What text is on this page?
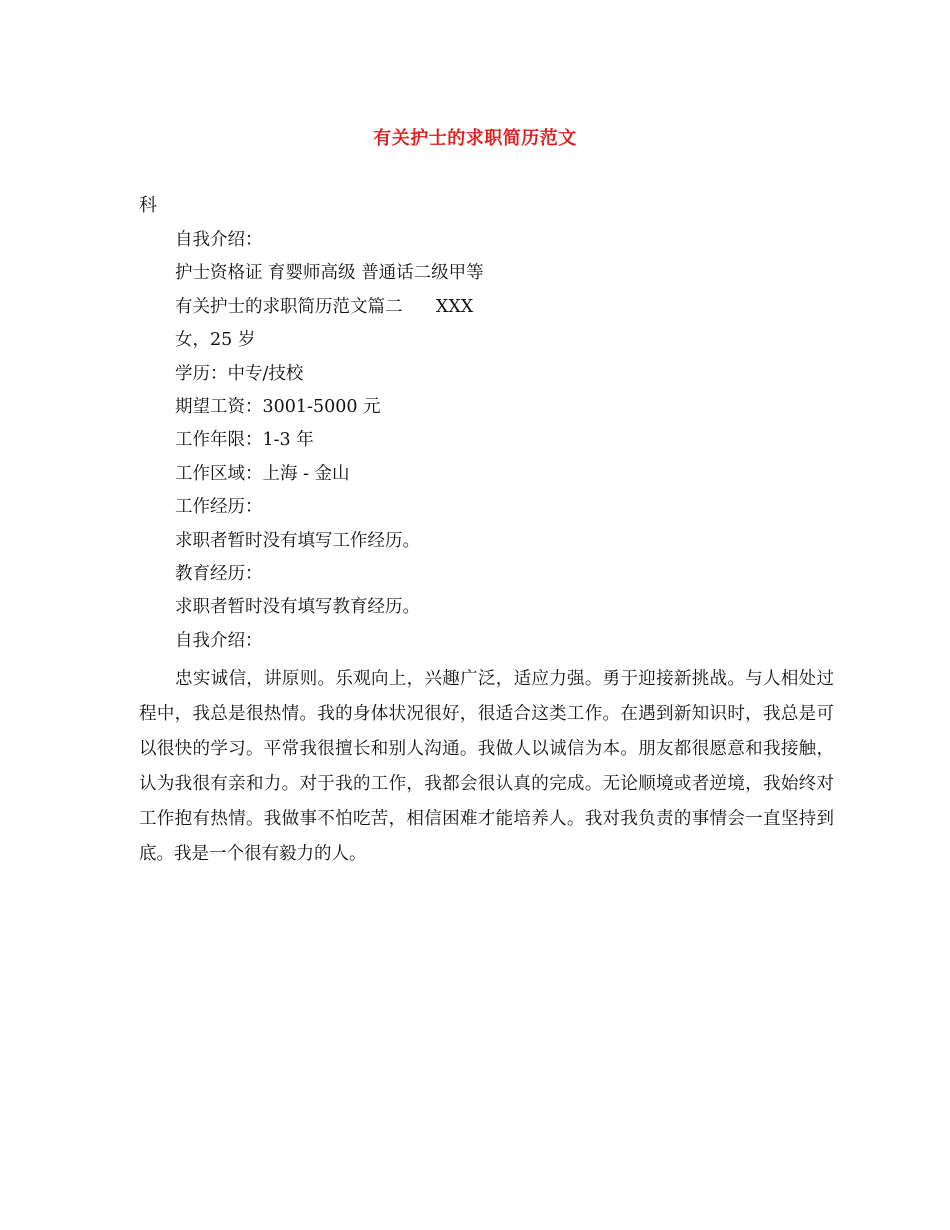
有关护士的求职简历范文
科
自我介绍：
护士资格证 育婴师高级 普通话二级甲等
有关护士的求职简历范文篇二      XXX
女，25 岁
学历：中专/技校
期望工资：3001-5000 元
工作年限：1-3 年
工作区域：上海 - 金山
工作经历：
求职者暂时没有填写工作经历。
教育经历：
求职者暂时没有填写教育经历。
自我介绍：

忠实诚信，讲原则。乐观向上，兴趣广泛，适应力强。勇于迎接新挑战。与人相处过程中，我总是很热情。我的身体状况很好，很适合这类工作。在遇到新知识时，我总是可以很快的学习。平常我很擅长和别人沟通。我做人以诚信为本。朋友都很愿意和我接触，认为我很有亲和力。对于我的工作，我都会很认真的完成。无论顺境或者逆境，我始终对工作抱有热情。我做事不怕吃苦，相信困难才能培养人。我对我负责的事情会一直坚持到底。我是一个很有毅力的人。
